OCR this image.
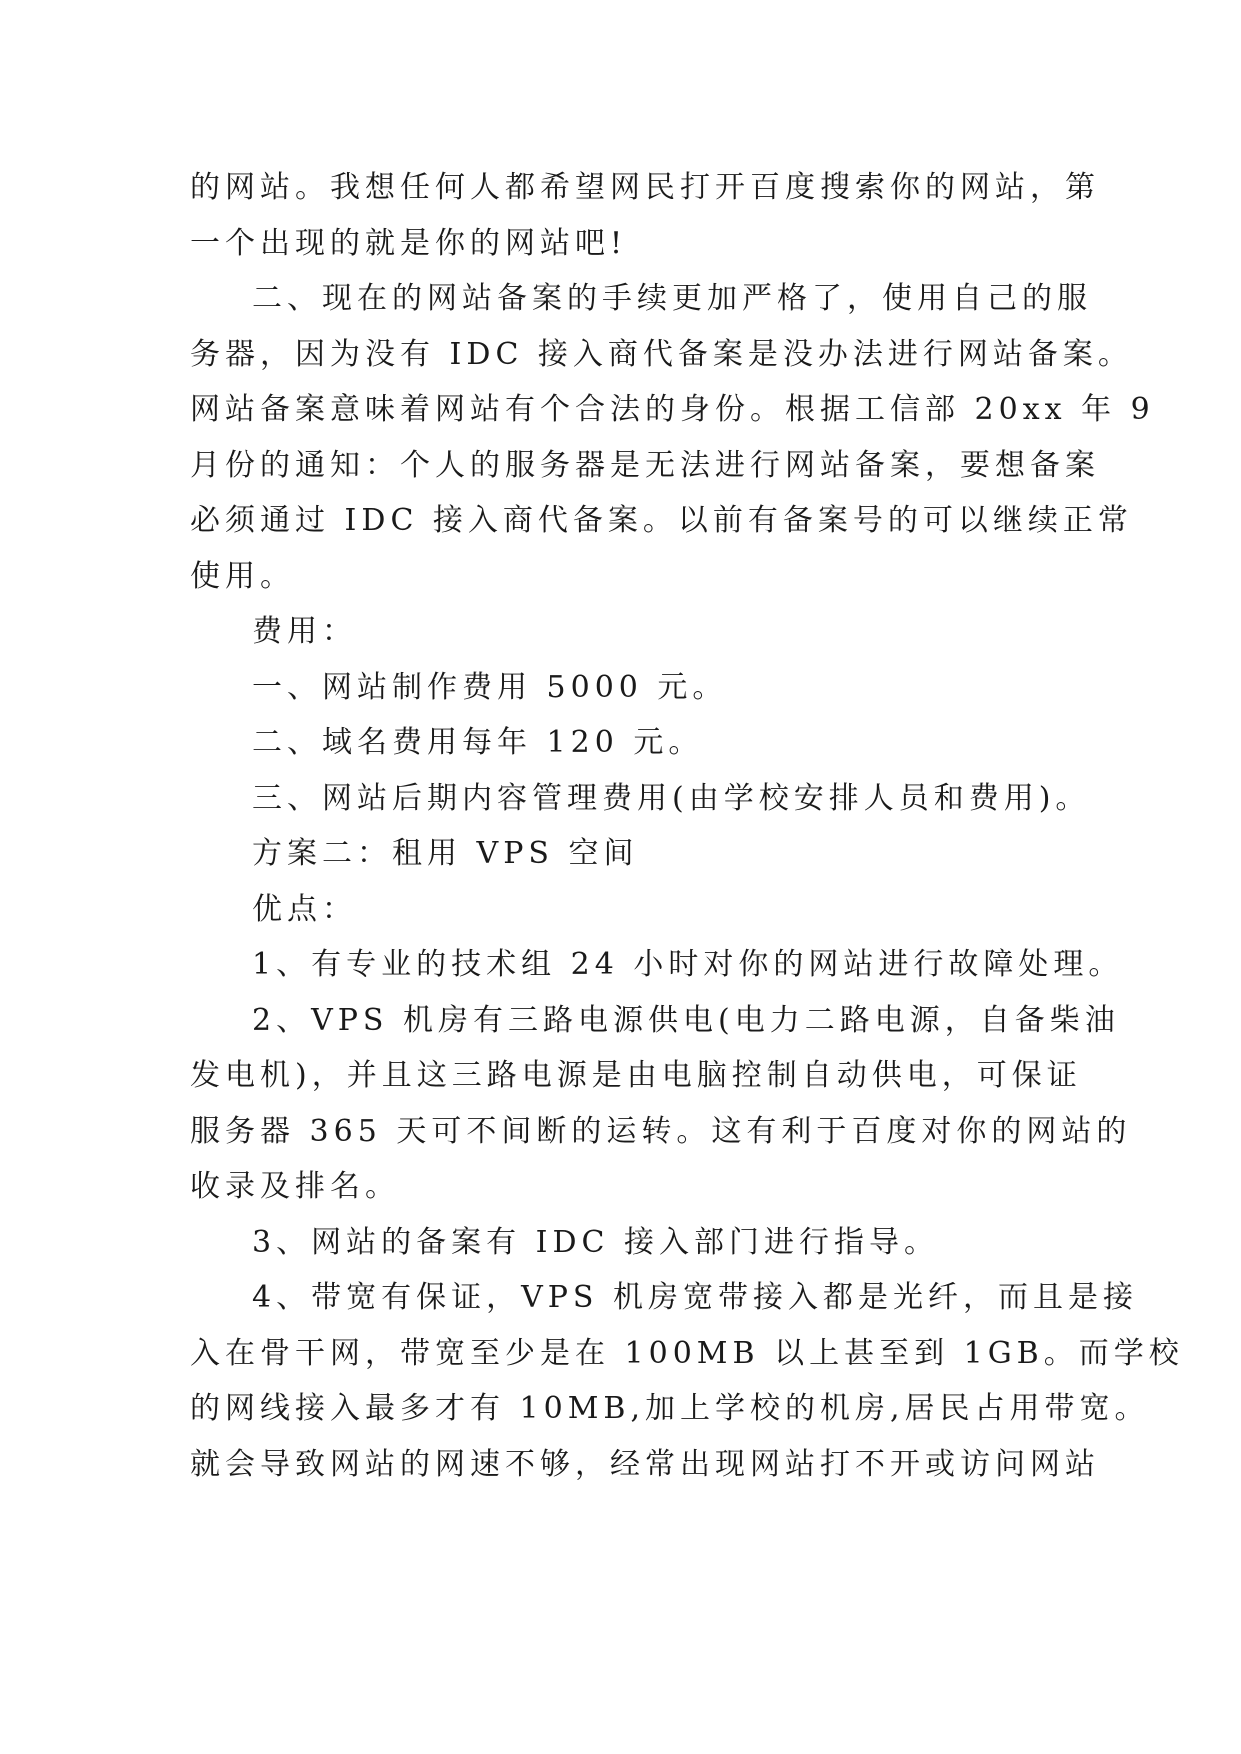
的网站。我想任何人都希望网民打开百度搜索你的网站，第
一个出现的就是你的网站吧!
二、现在的网站备案的手续更加严格了，使用自己的服
务器，因为没有 IDC 接入商代备案是没办法进行网站备案。
网站备案意味着网站有个合法的身份。根据工信部 20xx 年 9
月份的通知：个人的服务器是无法进行网站备案，要想备案
必须通过 IDC 接入商代备案。以前有备案号的可以继续正常
使用。
费用：
一、网站制作费用 5000 元。
二、域名费用每年 120 元。
三、网站后期内容管理费用(由学校安排人员和费用)。
方案二：租用 VPS 空间
优点：
1、有专业的技术组 24 小时对你的网站进行故障处理。
2、VPS 机房有三路电源供电(电力二路电源，自备柴油
发电机)，并且这三路电源是由电脑控制自动供电，可保证
服务器 365 天可不间断的运转。这有利于百度对你的网站的
收录及排名。
3、网站的备案有 IDC 接入部门进行指导。
4、带宽有保证，VPS 机房宽带接入都是光纤，而且是接
入在骨干网，带宽至少是在 100MB 以上甚至到 1GB。而学校
的网线接入最多才有 10MB,加上学校的机房,居民占用带宽。
就会导致网站的网速不够，经常出现网站打不开或访问网站
